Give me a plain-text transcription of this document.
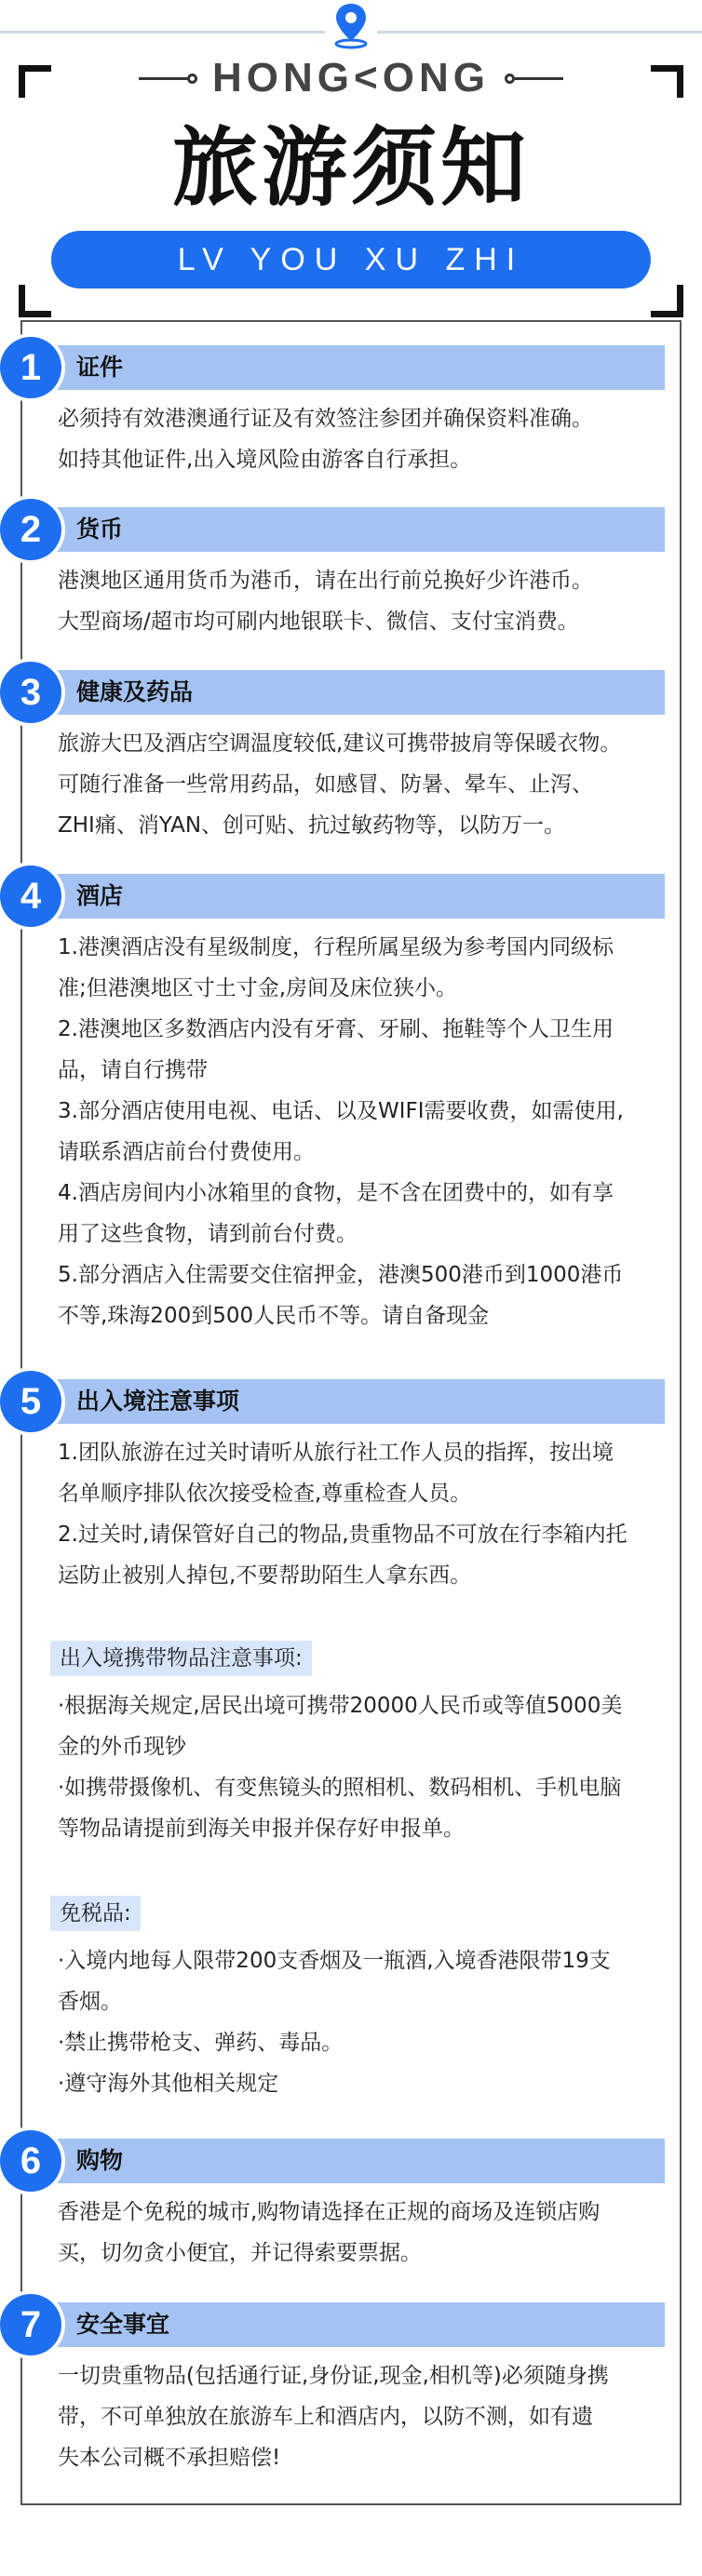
HONG<ONG
旅游须知
LV YOU XU ZHI
1	证件

必须持有效港澳通行证及有效签注参团并确保资料准确。

如持其他证件,出入境风险由游客自行承担。

2	货币

港澳地区通用货币为港币，请在出行前兑换好少许港币。

大型商场/超市均可刷内地银联卡、微信、支付宝消费。

3	健康及药品

旅游大巴及酒店空调温度较低,建议可携带披肩等保暖衣物。

可随行准备一些常用药品，如感冒、防暑、晕车、止泻、

ZHI痛、消YAN、创可贴、抗过敏药物等，以防万一。

4	酒店

1.港澳酒店没有星级制度，行程所属星级为参考国内同级标

准;但港澳地区寸土寸金,房间及床位狭小。

2.港澳地区多数酒店内没有牙膏、牙刷、拖鞋等个人卫生用

品，请自行携带

3.部分酒店使用电视、电话、以及WIFI需要收费，如需使用,

请联系酒店前台付费使用。

4.酒店房间内小冰箱里的食物，是不含在团费中的，如有享

用了这些食物，请到前台付费。

5.部分酒店入住需要交住宿押金，港澳500港币到1000港币

不等,珠海200到500人民币不等。请自备现金

5	出入境注意事项

1.团队旅游在过关时请听从旅行社工作人员的指挥，按出境

名单顺序排队依次接受检查,尊重检查人员。

2.过关时,请保管好自己的物品,贵重物品不可放在行李箱内托

运防止被别人掉包,不要帮助陌生人拿东西。

出入境携带物品注意事项:

·根据海关规定,居民出境可携带20000人民币或等值5000美

金的外币现钞

·如携带摄像机、有变焦镜头的照相机、数码相机、手机电脑

等物品请提前到海关申报并保存好申报单。

免税品:

·入境内地每人限带200支香烟及一瓶酒,入境香港限带19支

香烟。

·禁止携带枪支、弹药、毒品。

·遵守海外其他相关规定

6	购物

香港是个免税的城市,购物请选择在正规的商场及连锁店购

买，切勿贪小便宜，并记得索要票据。

7	安全事宜

一切贵重物品(包括通行证,身份证,现金,相机等)必须随身携

带，不可单独放在旅游车上和酒店内，以防不测，如有遗

失本公司概不承担赔偿!
